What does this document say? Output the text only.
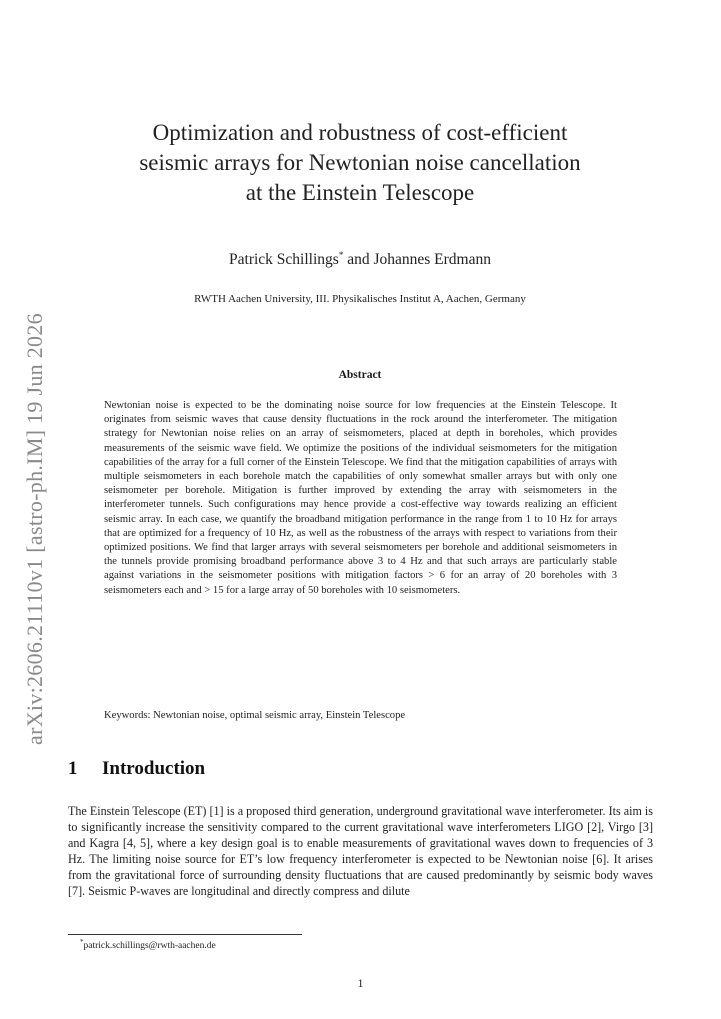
arXiv:2606.21110v1 [astro-ph.IM] 19 Jun 2026
Optimization and robustness of cost-efficient
seismic arrays for Newtonian noise cancellation
at the Einstein Telescope
Patrick Schillings* and Johannes Erdmann
RWTH Aachen University, III. Physikalisches Institut A, Aachen, Germany
Abstract
Newtonian noise is expected to be the dominating noise source for low frequencies at the Einstein Telescope. It originates from seismic waves that cause density fluctuations in the rock around the interferometer. The mitigation strategy for Newtonian noise relies on an array of seismometers, placed at depth in boreholes, which provides measurements of the seismic wave field. We optimize the positions of the individual seismometers for the mitigation capabilities of the array for a full corner of the Einstein Telescope. We find that the mitigation capabilities of arrays with multiple seismometers in each borehole match the capabilities of only somewhat smaller arrays but with only one seismometer per borehole. Mitigation is further improved by extending the array with seismometers in the interferometer tunnels. Such configurations may hence provide a cost-effective way towards realizing an efficient seismic array. In each case, we quantify the broadband mitigation performance in the range from 1 to 10 Hz for arrays that are optimized for a frequency of 10 Hz, as well as the robustness of the arrays with respect to variations from their optimized positions. We find that larger arrays with several seismometers per borehole and additional seismometers in the tunnels provide promising broadband performance above 3 to 4 Hz and that such arrays are particularly stable against variations in the seismometer positions with mitigation factors > 6 for an array of 20 boreholes with 3 seismometers each and > 15 for a large array of 50 boreholes with 10 seismometers.
Keywords: Newtonian noise, optimal seismic array, Einstein Telescope
1 Introduction
The Einstein Telescope (ET) [1] is a proposed third generation, underground gravitational wave interferometer. Its aim is to significantly increase the sensitivity compared to the current gravitational wave interferometers LIGO [2], Virgo [3] and Kagra [4, 5], where a key design goal is to enable measurements of gravitational waves down to frequencies of 3 Hz. The limiting noise source for ET’s low frequency interferometer is expected to be Newtonian noise [6]. It arises from the gravitational force of surrounding density fluctuations that are caused predominantly by seismic body waves [7]. Seismic P-waves are longitudinal and directly compress and dilute
*patrick.schillings@rwth-aachen.de
1
